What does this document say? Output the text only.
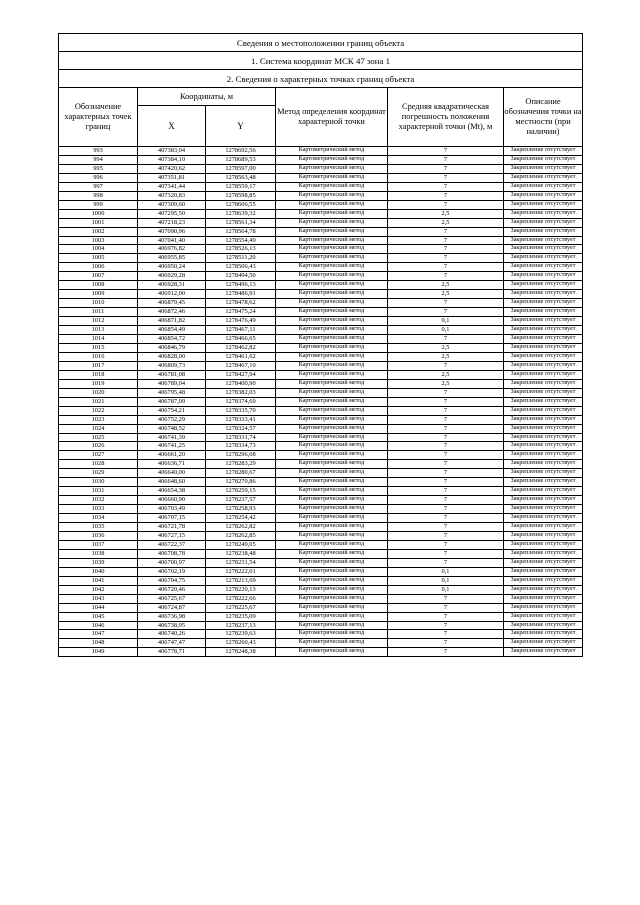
Сведения о местоположении границ объекта					
1. Система координат МСК 47 зона 1					
2. Сведения о характерных точках границ объекта					
Обозначение характерных точек границ	Координаты, м		Метод определения координат характерной точки	Средняя квадратическая погрешность положения характерной точки (Mt), м	Описание обозначения точки на местности (при наличии)
	X	Y			
993	407383,04	1278692,56	Картометрический метод	7	Закрепление отсутствует
994	407384,10	1278689,53	Картометрический метод	7	Закрепление отсутствует
995	407420,62	1278597,00	Картометрический метод	7	Закрепление отсутствует
996	407351,81	1278563,48	Картометрический метод	7	Закрепление отсутствует
997	407341,44	1278559,17	Картометрический метод	7	Закрепление отсутствует
998	407320,83	1278598,85	Картометрический метод	7	Закрепление отсутствует
999	407309,60	1278606,55	Картометрический метод	7	Закрепление отсутствует
1000	407295,50	1278639,32	Картометрический метод	2,5	Закрепление отсутствует
1001	407218,23	1278561,34	Картометрический метод	2,5	Закрепление отсутствует
1002	407090,96	1278564,78	Картометрический метод	7	Закрепление отсутствует
1003	407041,40	1278554,49	Картометрический метод	7	Закрепление отсутствует
1004	406976,82	1278526,13	Картометрический метод	7	Закрепление отсутствует
1005	406955,85	1278511,20	Картометрический метод	7	Закрепление отсутствует
1006	406950,24	1278506,43	Картометрический метод	7	Закрепление отсутствует
1007	406929,28	1278494,50	Картометрический метод	7	Закрепление отсутствует
1008	406928,31	1278496,13	Картометрический метод	2,5	Закрепление отсутствует
1009	406912,00	1278486,91	Картометрический метод	2,5	Закрепление отсутствует
1010	406879,45	1278478,62	Картометрический метод	7	Закрепление отсутствует
1011	406872,46	1278475,24	Картометрический метод	7	Закрепление отсутствует
1012	406871,82	1278476,49	Картометрический метод	0,1	Закрепление отсутствует
1013	406854,49	1278467,11	Картометрический метод	0,1	Закрепление отсутствует
1014	406854,72	1278466,65	Картометрический метод	7	Закрепление отсутствует
1015	406846,79	1278462,82	Картометрический метод	2,5	Закрепление отсутствует
1016	406828,00	1278461,62	Картометрический метод	2,5	Закрепление отсутствует
1017	406809,73	1278467,10	Картометрический метод	7	Закрепление отсутствует
1018	406781,08	1278427,94	Картометрический метод	2,5	Закрепление отсутствует
1019	406789,04	1278400,90	Картометрический метод	2,5	Закрепление отсутствует
1020	406795,48	1278382,03	Картометрический метод	7	Закрепление отсутствует
1021	406787,09	1278374,69	Картометрический метод	7	Закрепление отсутствует
1022	406754,21	1278335,70	Картометрический метод	7	Закрепление отсутствует
1023	406752,29	1278333,41	Картометрический метод	7	Закрепление отсутствует
1024	406748,52	1278324,57	Картометрический метод	7	Закрепление отсутствует
1025	406741,39	1278331,74	Картометрический метод	7	Закрепление отсутствует
1026	406741,25	1278334,73	Картометрический метод	7	Закрепление отсутствует
1027	406661,20	1278296,08	Картометрический метод	7	Закрепление отсутствует
1028	406636,71	1278283,29	Картометрический метод	7	Закрепление отсутствует
1029	406640,00	1278280,67	Картометрический метод	7	Закрепление отсутствует
1030	406648,60	1278270,86	Картометрический метод	7	Закрепление отсутствует
1031	406654,38	1278259,15	Картометрический метод	7	Закрепление отсутствует
1032	406660,90	1278237,57	Картометрический метод	7	Закрепление отсутствует
1033	406703,49	1278258,93	Картометрический метод	7	Закрепление отсутствует
1034	406707,15	1278254,42	Картометрический метод	7	Закрепление отсутствует
1035	406721,78	1278262,82	Картометрический метод	7	Закрепление отсутствует
1036	406727,15	1278262,85	Картометрический метод	7	Закрепление отсутствует
1037	406722,37	1278249,05	Картометрический метод	7	Закрепление отсутствует
1038	406708,78	1278238,48	Картометрический метод	7	Закрепление отсутствует
1039	406700,97	1278231,54	Картометрический метод	7	Закрепление отсутствует
1040	406702,19	1278222,01	Картометрический метод	0,1	Закрепление отсутствует
1041	406704,75	1278213,69	Картометрический метод	0,1	Закрепление отсутствует
1042	406720,46	1278220,13	Картометрический метод	0,1	Закрепление отсутствует
1043	406725,67	1278222,66	Картометрический метод	7	Закрепление отсутствует
1044	406724,87	1278225,67	Картометрический метод	7	Закрепление отсутствует
1045	406736,98	1278235,09	Картометрический метод	7	Закрепление отсутствует
1046	406738,95	1278237,13	Картометрический метод	7	Закрепление отсутствует
1047	406740,26	1278239,63	Картометрический метод	7	Закрепление отсутствует
1048	406747,47	1278260,43	Картометрический метод	7	Закрепление отсутствует
1049	406778,71	1278248,38	Картометрический метод	7	Закрепление отсутствует
